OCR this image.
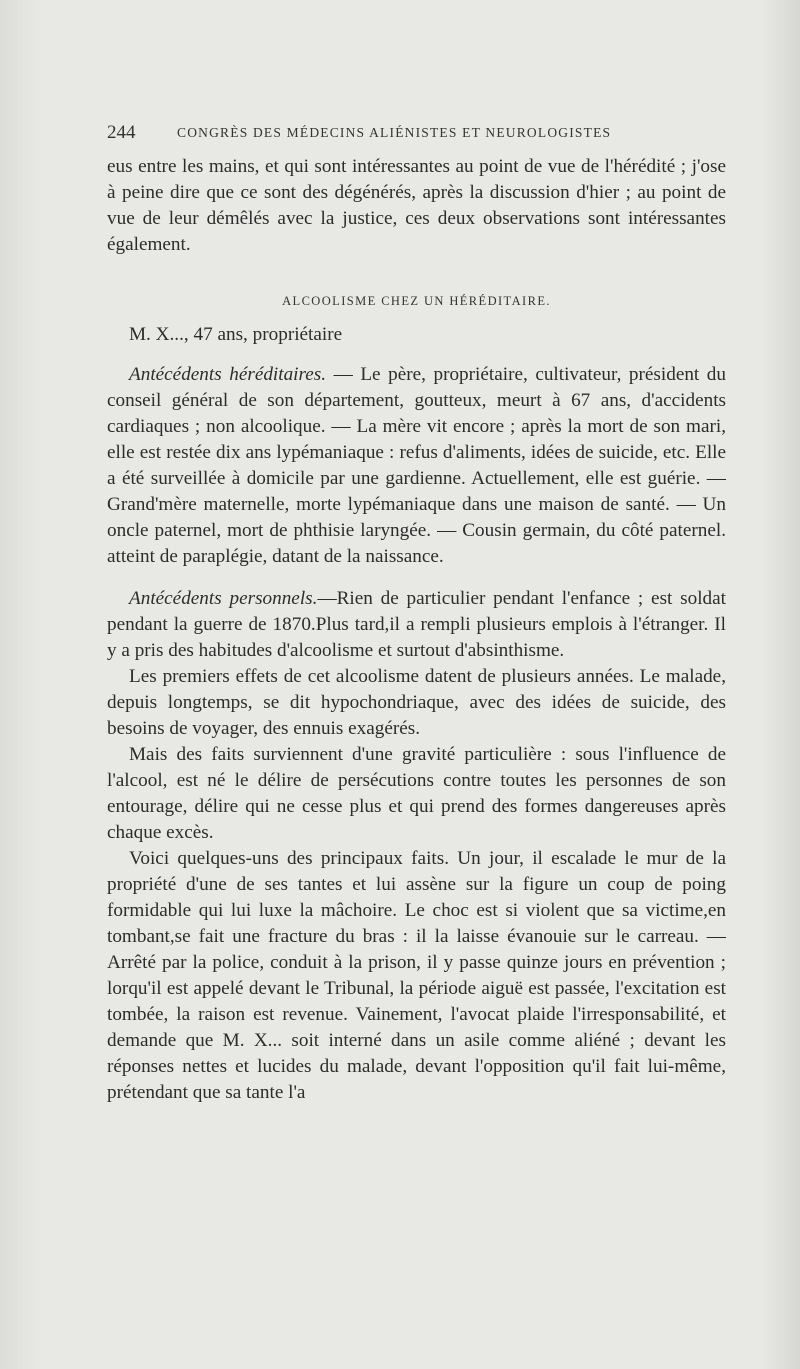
244	CONGRÈS DES MÉDECINS ALIÉNISTES ET NEUROLOGISTES

eus entre les mains, et qui sont intéressantes au point de vue de l'hérédité ; j'ose à peine dire que ce sont des dégénérés, après la discussion d'hier ; au point de vue de leur démêlés avec la justice, ces deux observations sont intéressantes également.

ALCOOLISME CHEZ UN HÉRÉDITAIRE.

M. X..., 47 ans, propriétaire

Antécédents héréditaires. — Le père, propriétaire, cultivateur, président du conseil général de son département, goutteux, meurt à 67 ans, d'accidents cardiaques ; non alcoolique. — La mère vit encore ; après la mort de son mari, elle est restée dix ans lypémaniaque : refus d'aliments, idées de suicide, etc. Elle a été surveillée à domicile par une gardienne. Actuellement, elle est guérie. — Grand'mère maternelle, morte lypémaniaque dans une maison de santé. — Un oncle paternel, mort de phthisie laryngée. — Cousin germain, du côté paternel. atteint de paraplégie, datant de la naissance.

Antécédents personnels.—Rien de particulier pendant l'enfance ; est soldat pendant la guerre de 1870.Plus tard,il a rempli plusieurs emplois à l'étranger. Il y a pris des habitudes d'alcoolisme et surtout d'absinthisme.

Les premiers effets de cet alcoolisme datent de plusieurs années. Le malade, depuis longtemps, se dit hypochondriaque, avec des idées de suicide, des besoins de voyager, des ennuis exagérés.

Mais des faits surviennent d'une gravité particulière : sous l'influence de l'alcool, est né le délire de persécutions contre toutes les personnes de son entourage, délire qui ne cesse plus et qui prend des formes dangereuses après chaque excès.

Voici quelques-uns des principaux faits. Un jour, il escalade le mur de la propriété d'une de ses tantes et lui assène sur la figure un coup de poing formidable qui lui luxe la mâchoire. Le choc est si violent que sa victime,en tombant,se fait une fracture du bras : il la laisse évanouie sur le carreau. —Arrêté par la police, conduit à la prison, il y passe quinze jours en prévention ; lorqu'il est appelé devant le Tribunal, la période aiguë est passée, l'excitation est tombée, la raison est revenue. Vainement, l'avocat plaide l'irresponsabilité, et demande que M. X... soit interné dans un asile comme aliéné ; devant les réponses nettes et lucides du malade, devant l'opposition qu'il fait lui-même, prétendant que sa tante l'a
